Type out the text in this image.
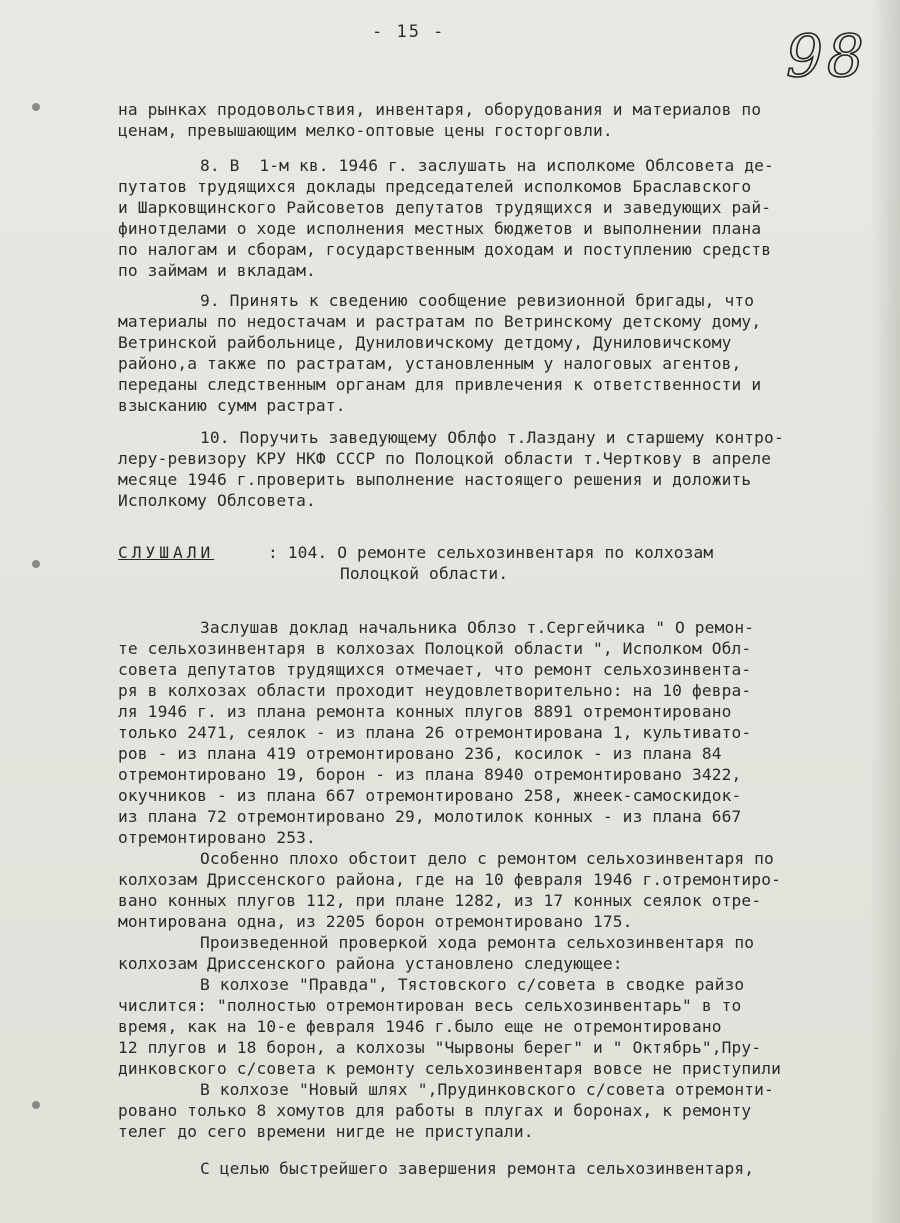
- 15 -	98
на рынках продовольствия, инвентаря, оборудования и материалов по
ценам, превышающим мелко-оптовые цены госторговли.
8. В  1-м кв. 1946 г. заслушать на исполкоме Облсовета де-
путатов трудящихся доклады председателей исполкомов Браславского
и Шарковщинского Райсоветов депутатов трудящихся и заведующих рай-
финотделами о ходе исполнения местных бюджетов и выполнении плана
по налогам и сборам, государственным доходам и поступлению средств
по займам и вкладам.
9. Принять к сведению сообщение ревизионной бригады, что
материалы по недостачам и растратам по Ветринскому детскому дому,
Ветринской райбольнице, Дуниловичскому детдому, Дуниловичскому
районо,а также по растратам, установленным у налоговых агентов,
переданы следственным органам для привлечения к ответственности и
взысканию сумм растрат.
10. Поручить заведующему Облфо т.Лаздану и старшему контро-
лерy-ревизору КРУ НКФ СССР по Полоцкой области т.Черткову в апреле
месяце 1946 г.проверить выполнение настоящего решения и доложить
Исполкому Облсовета.
СЛУШАЛИ	: 104. О ремонте сельхозинвентаря по колхозам
Полоцкой области.
Заслушав доклад начальника Облзо т.Сергейчика " О ремон-
те сельхозинвентаря в колхозах Полоцкой области ", Исполком Обл-
совета депутатов трудящихся отмечает, что ремонт сельхозинвента-
ря в колхозах области проходит неудовлетворительно: на 10 февра-
ля 1946 г. из плана ремонта конных плугов 8891 отремонтировано
только 2471, сеялок - из плана 26 отремонтирована 1, культивато-
ров - из плана 419 отремонтировано 236, косилок - из плана 84
отремонтировано 19, борон - из плана 8940 отремонтировано 3422,
окучников - из плана 667 отремонтировано 258, жнеек-самоскидок-
из плана 72 отремонтировано 29, молотилок конных - из плана 667
отремонтировано 253.
Особенно плохо обстоит дело с ремонтом сельхозинвентаря по
колхозам Дриссенского района, где на 10 февраля 1946 г.отремонтиро-
вано конных плугов 112, при плане 1282, из 17 конных сеялок отре-
монтирована одна, из 2205 борон отремонтировано 175.
Произведенной проверкой хода ремонта сельхозинвентаря по
колхозам Дриссенского района установлено следующее:
В колхозе "Правда", Тястовского с/совета в сводке райзо
числится: "полностью отремонтирован весь сельхозинвентарь" в то
время, как на 10-е февраля 1946 г.было еще не отремонтировано
12 плугов и 18 борон, а колхозы "Чырвоны берег" и " Октябрь",Пру-
динковского с/совета к ремонту сельхозинвентаря вовсе не приступили
В колхозе "Новый шлях ",Прудинковского с/совета отремонти-
ровано только 8 хомутов для работы в плугах и боронах, к ремонту
телег до сего времени нигде не приступали.
С целью быстрейшего завершения ремонта сельхозинвентаря,
